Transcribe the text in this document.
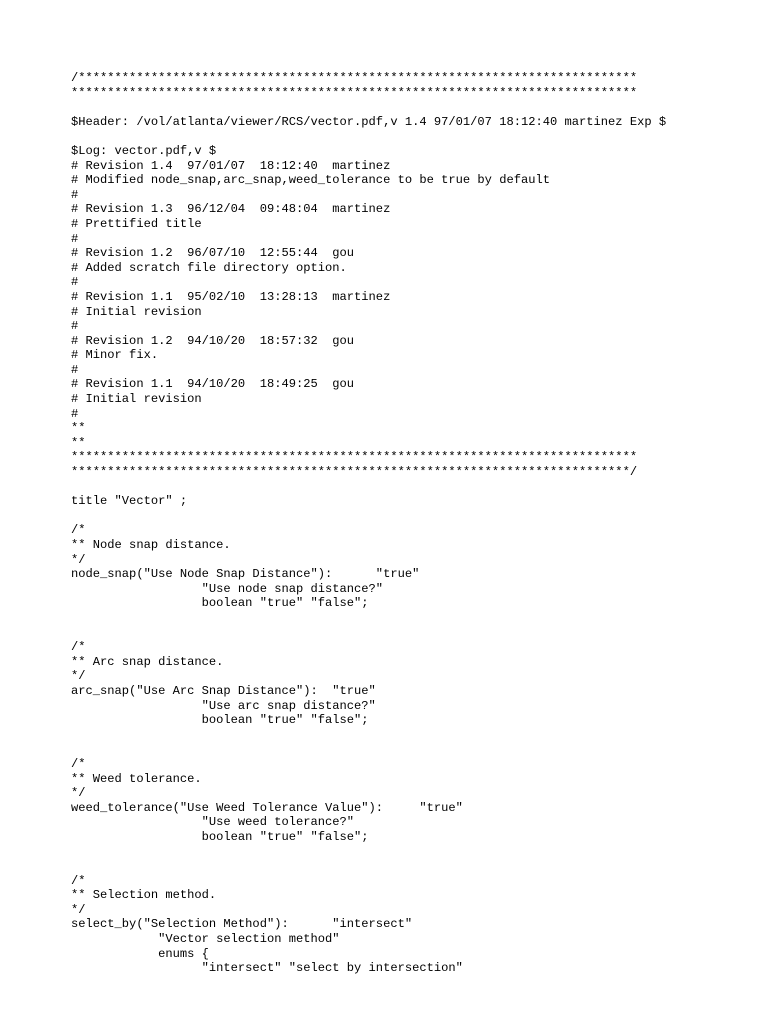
/*****************************************************************************
******************************************************************************
$Header: /vol/atlanta/viewer/RCS/vector.pdf,v 1.4 97/01/07 18:12:40 martinez Exp $
$Log: vector.pdf,v $
# Revision 1.4  97/01/07  18:12:40  martinez
# Modified node_snap,arc_snap,weed_tolerance to be true by default
#
# Revision 1.3  96/12/04  09:48:04  martinez
# Prettified title
#
# Revision 1.2  96/07/10  12:55:44  gou
# Added scratch file directory option.
#
# Revision 1.1  95/02/10  13:28:13  martinez
# Initial revision
#
# Revision 1.2  94/10/20  18:57:32  gou
# Minor fix.
#
# Revision 1.1  94/10/20  18:49:25  gou
# Initial revision
#
**
**
******************************************************************************
*****************************************************************************/
title "Vector" ;
/*
** Node snap distance.
*/
node_snap("Use Node Snap Distance"):      "true"
"Use node snap distance?"
boolean "true" "false";
/*
** Arc snap distance.
*/
arc_snap("Use Arc Snap Distance"):  "true"
"Use arc snap distance?"
boolean "true" "false";
/*
** Weed tolerance.
*/
weed_tolerance("Use Weed Tolerance Value"):     "true"
"Use weed tolerance?"
boolean "true" "false";
/*
** Selection method.
*/
select_by("Selection Method"):      "intersect"
"Vector selection method"
enums {
"intersect" "select by intersection"
